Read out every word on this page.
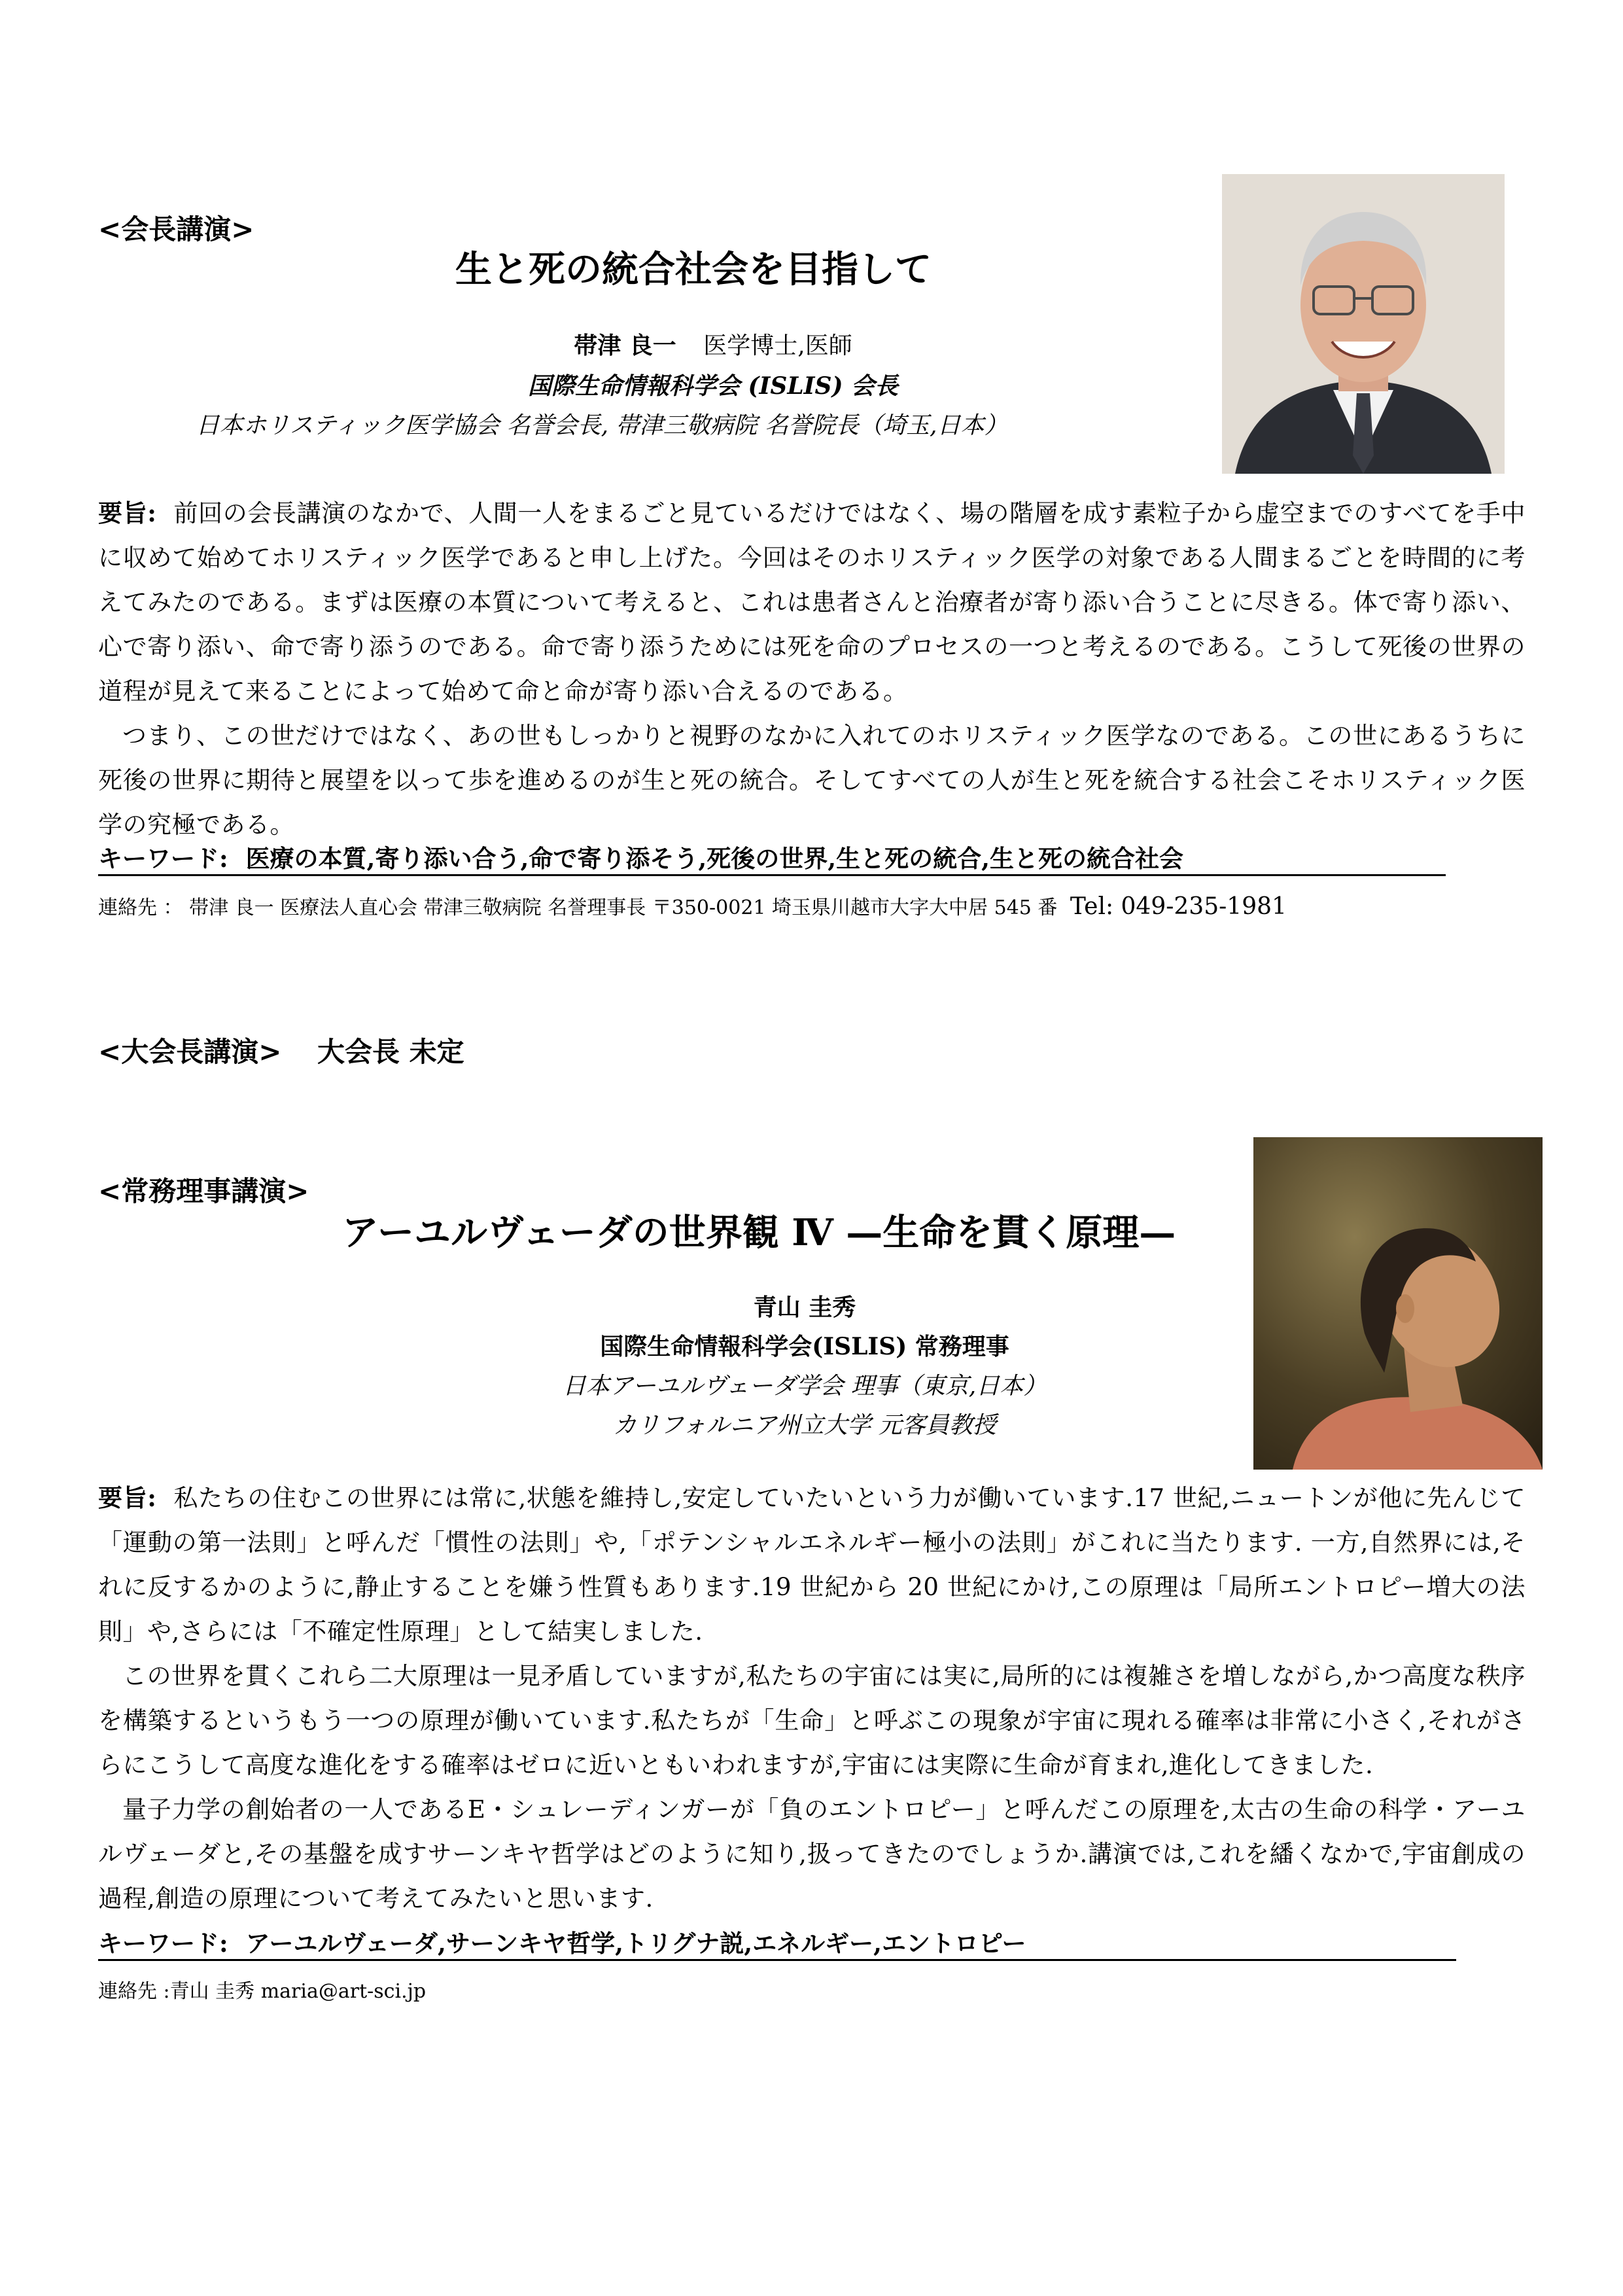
<会長講演>
生と死の統合社会を目指して
帯津 良一 医学博士,医師
国際生命情報科学会 (ISLIS) 会長
日本ホリスティック医学協会 名誉会長, 帯津三敬病院 名誉院長（埼玉,日本）

要旨: 前回の会長講演のなかで、人間一人をまるごと見ているだけではなく、場の階層を成す素粒子から虚空までのすべてを手中に収めて始めてホリスティック医学であると申し上げた。今回はそのホリスティック医学の対象である人間まるごとを時間的に考えてみたのである。まずは医療の本質について考えると、これは患者さんと治療者が寄り添い合うことに尽きる。体で寄り添い、心で寄り添い、命で寄り添うのである。命で寄り添うためには死を命のプロセスの一つと考えるのである。こうして死後の世界の道程が見えて来ることによって始めて命と命が寄り添い合えるのである。

つまり、この世だけではなく、あの世もしっかりと視野のなかに入れてのホリスティック医学なのである。この世にあるうちに死後の世界に期待と展望を以って歩を進めるのが生と死の統合。そしてすべての人が生と死を統合する社会こそホリスティック医学の究極である。

キーワード: 医療の本質,寄り添い合う,命で寄り添そう,死後の世界,生と死の統合,生と死の統合社会
連絡先 ： 帯津 良一 医療法人直心会 帯津三敬病院 名誉理事長 〒350-0021 埼玉県川越市大字大中居 545 番 Tel: 049-235-1981
<大会長講演> 大会長 未定
<常務理事講演>
アーユルヴェーダの世界観 Ⅳ —生命を貫く原理—
青山 圭秀
国際生命情報科学会(ISLIS) 常務理事
日本アーユルヴェーダ学会 理事（東京,日本）
カリフォルニア州立大学 元客員教授

要旨: 私たちの住むこの世界には常に,状態を維持し,安定していたいという力が働いています.17 世紀,ニュートンが他に先んじて「運動の第一法則」と呼んだ「慣性の法則」や,「ポテンシャルエネルギー極小の法則」がこれに当たります. 一方,自然界には,それに反するかのように,静止することを嫌う性質もあります.19 世紀から 20 世紀にかけ,この原理は「局所エントロピー増大の法則」や,さらには「不確定性原理」として結実しました.

この世界を貫くこれら二大原理は一見矛盾していますが,私たちの宇宙には実に,局所的には複雑さを増しながら,かつ高度な秩序を構築するというもう一つの原理が働いています.私たちが「生命」と呼ぶこの現象が宇宙に現れる確率は非常に小さく,それがさらにこうして高度な進化をする確率はゼロに近いともいわれますが,宇宙には実際に生命が育まれ,進化してきました.

量子力学の創始者の一人であるE・シュレーディンガーが「負のエントロピー」と呼んだこの原理を,太古の生命の科学・アーユルヴェーダと,その基盤を成すサーンキヤ哲学はどのように知り,扱ってきたのでしょうか.講演では,これを繙くなかで,宇宙創成の過程,創造の原理について考えてみたいと思います.

キーワード: アーユルヴェーダ,サーンキヤ哲学,トリグナ説,エネルギー,エントロピー
連絡先 :青山 圭秀 maria@art-sci.jp
